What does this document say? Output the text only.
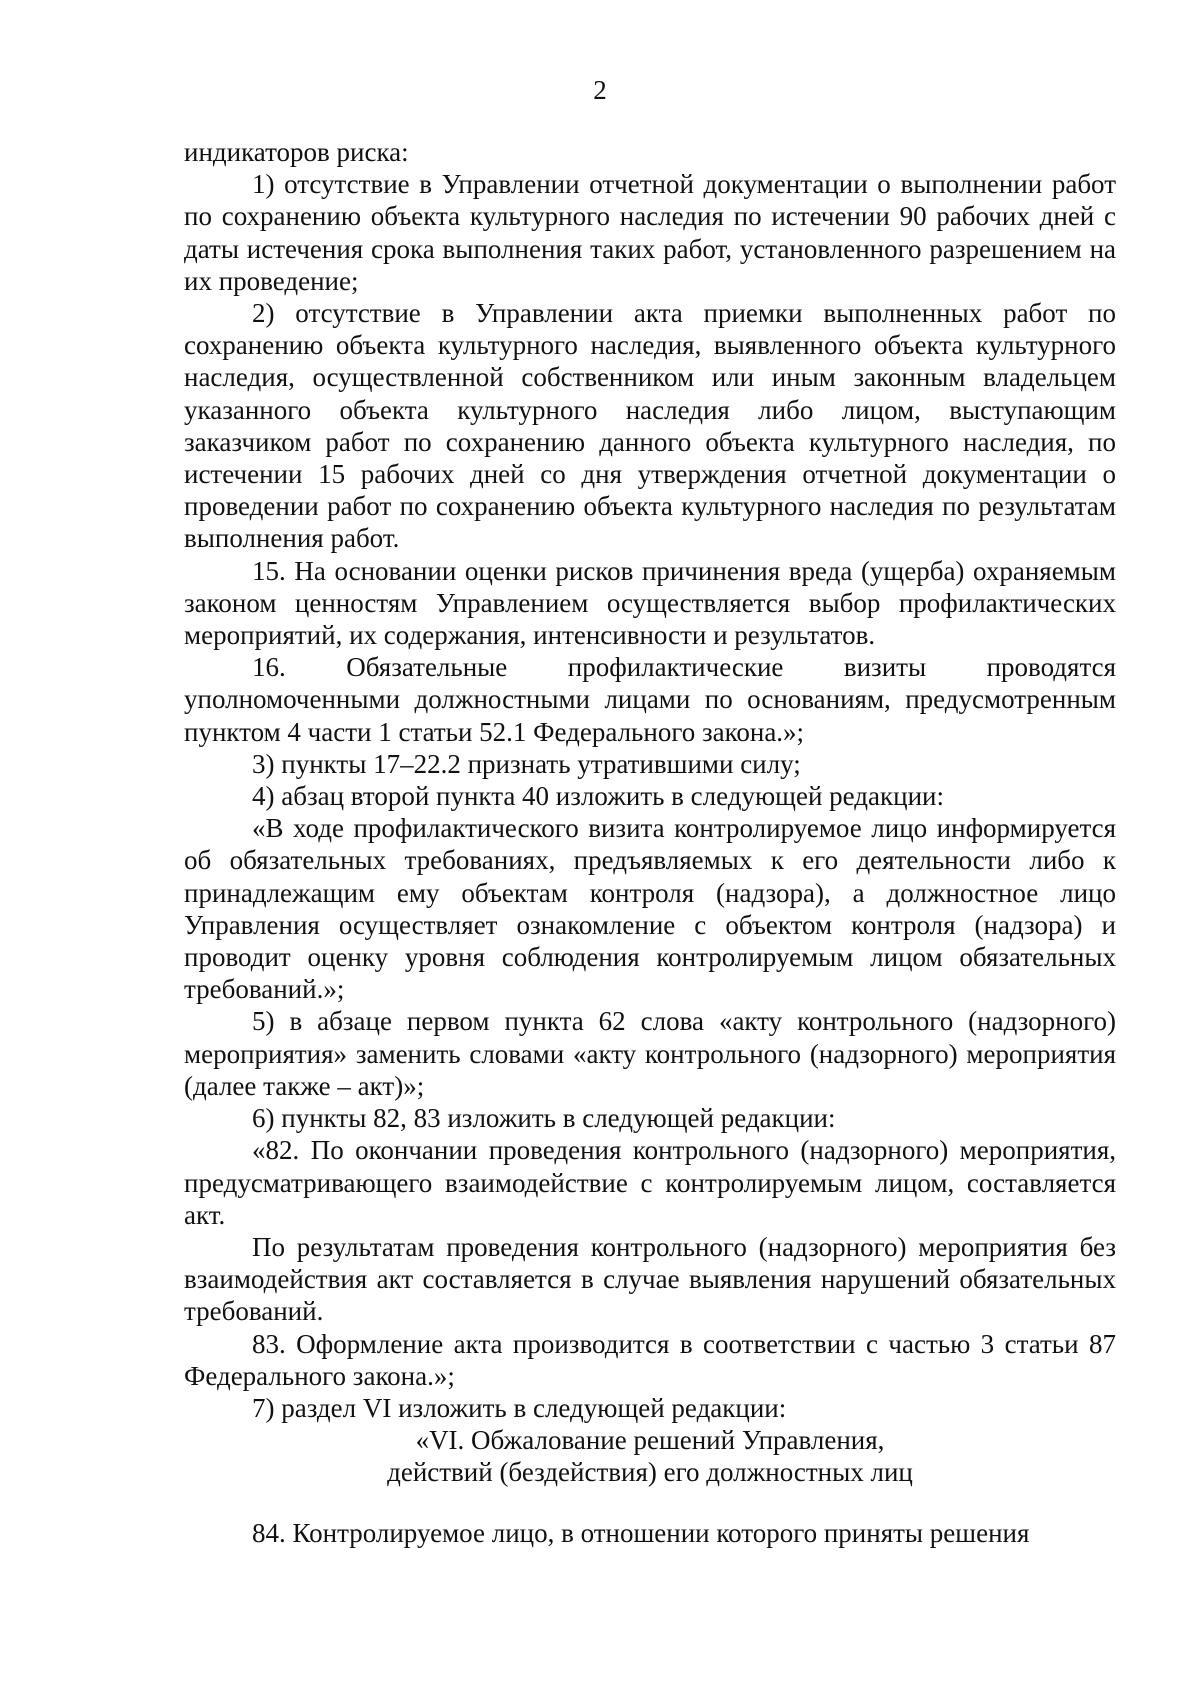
2

индикаторов риска:

1) отсутствие в Управлении отчетной документации о выполнении работ по сохранению объекта культурного наследия по истечении 90 рабочих дней с даты истечения срока выполнения таких работ, установленного разрешением на их проведение;

2) отсутствие в Управлении акта приемки выполненных работ по сохранению объекта культурного наследия, выявленного объекта культурного наследия, осуществленной собственником или иным законным владельцем указанного объекта культурного наследия либо лицом, выступающим заказчиком работ по сохранению данного объекта культурного наследия, по истечении 15 рабочих дней со дня утверждения отчетной документации о проведении работ по сохранению объекта культурного наследия по результатам выполнения работ.

15. На основании оценки рисков причинения вреда (ущерба) охраняемым законом ценностям Управлением осуществляется выбор профилактических мероприятий, их содержания, интенсивности и результатов.

16. Обязательные профилактические визиты проводятся уполномоченными должностными лицами по основаниям, предусмотренным пунктом 4 части 1 статьи 52.1 Федерального закона.»;

3) пункты 17–22.2 признать утратившими силу;

4) абзац второй пункта 40 изложить в следующей редакции:

«В ходе профилактического визита контролируемое лицо информируется об обязательных требованиях, предъявляемых к его деятельности либо к принадлежащим ему объектам контроля (надзора), а должностное лицо Управления осуществляет ознакомление с объектом контроля (надзора) и проводит оценку уровня соблюдения контролируемым лицом обязательных требований.»;

5) в абзаце первом пункта 62 слова «акту контрольного (надзорного) мероприятия» заменить словами «акту контрольного (надзорного) мероприятия (далее также – акт)»;

6) пункты 82, 83 изложить в следующей редакции:

«82. По окончании проведения контрольного (надзорного) мероприятия, предусматривающего взаимодействие с контролируемым лицом, составляется акт.

По результатам проведения контрольного (надзорного) мероприятия без взаимодействия акт составляется в случае выявления нарушений обязательных требований.

83. Оформление акта производится в соответствии с частью 3 статьи 87 Федерального закона.»;

7) раздел VI изложить в следующей редакции:

«VI. Обжалование решений Управления,

действий (бездействия) его должностных лиц

84. Контролируемое лицо, в отношении которого приняты решения
